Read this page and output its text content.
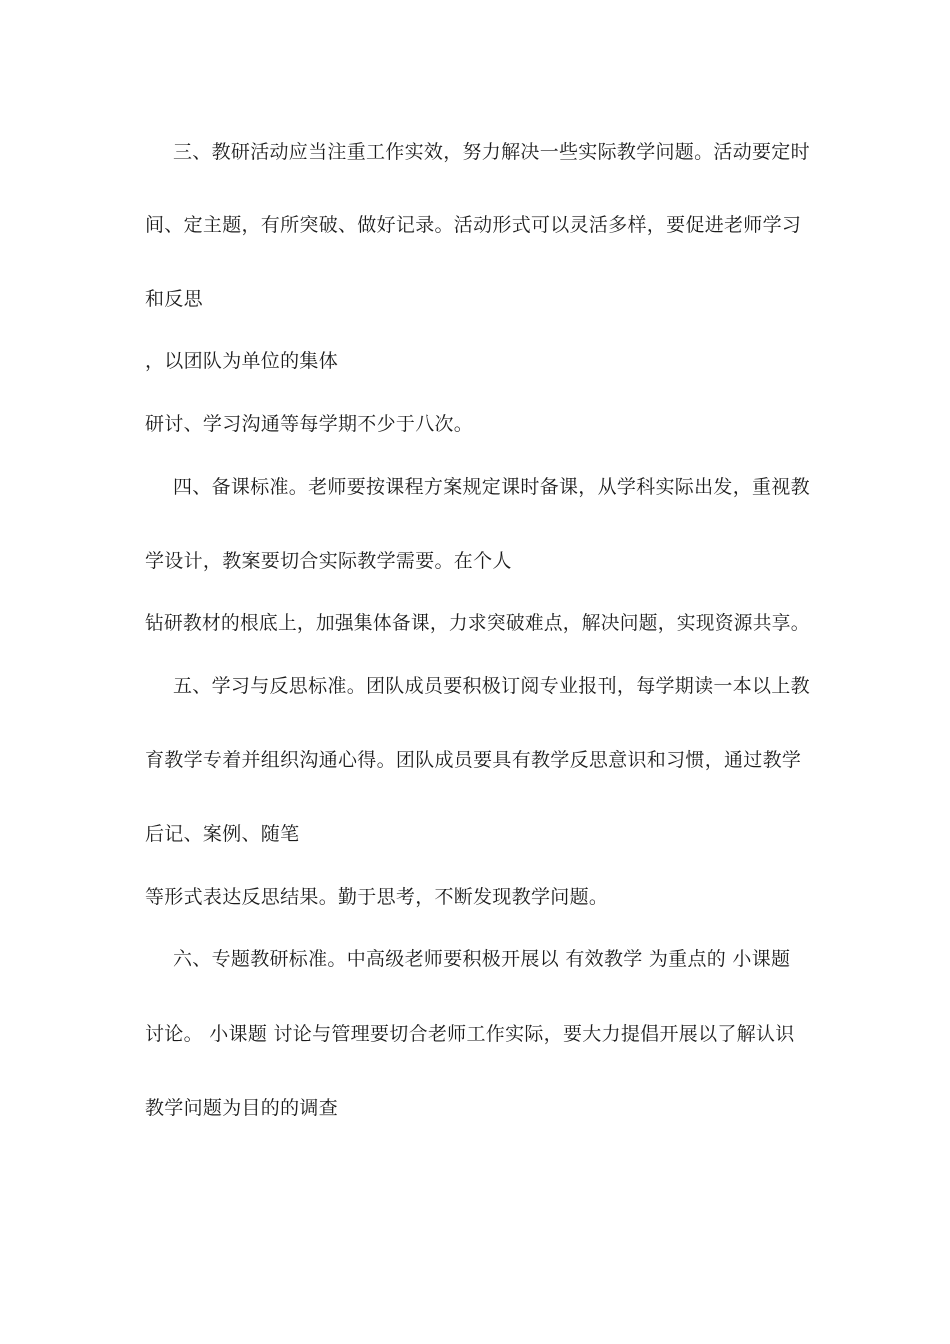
三、教研活动应当注重工作实效，努力解决一些实际教学问题。活动要定时
间、定主题，有所突破、做好记录。活动形式可以灵活多样，要促进老师学习
和反思
，以团队为单位的集体
研讨、学习沟通等每学期不少于八次。
四、备课标准。老师要按课程方案规定课时备课，从学科实际出发，重视教
学设计，教案要切合实际教学需要。在个人
钻研教材的根底上，加强集体备课，力求突破难点，解决问题，实现资源共享。
五、学习与反思标准。团队成员要积极订阅专业报刊，每学期读一本以上教
育教学专着并组织沟通心得。团队成员要具有教学反思意识和习惯，通过教学
后记、案例、随笔
等形式表达反思结果。勤于思考，不断发现教学问题。
六、专题教研标准。中高级老师要积极开展以 有效教学 为重点的 小课题
讨论。 小课题 讨论与管理要切合老师工作实际，要大力提倡开展以了解认识
教学问题为目的的调查
